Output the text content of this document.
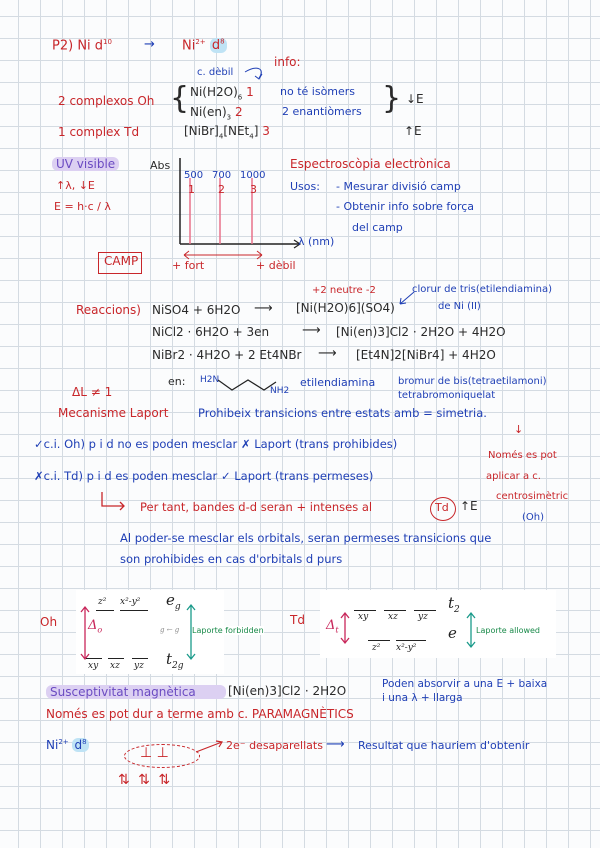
P2) Ni $d^{10} \to Ni^{2+}$ $d^8$
info:
c. dèbil
2 complexos Oh { $Ni(H2O)_6$ 1 no té isòmers
$Ni(en)_3$ 2	2 enantiòmers } ↓E
1 complex Td	$[NiBr]_4[NEt_4]$ 3	↑E
UV visible
↑λ, ↓E
E = h·c / λ
CAMP
Abs
500 700 1000
1 2 3
λ (nm)
+ fort	+ dèbil
Espectroscòpia electrònica
Usos: - Mesurar divisió camp
- Obtenir info sobre força
del camp
+2 neutre -2	clorur de tris(etilendiamina)
de Ni (II)
Reaccions) NiSO4 + 6H2O ⟶ [Ni(H2O)6](SO4)
NiCl2 · 6H2O + 3en	⟶ [Ni(en)3]Cl2 · 2H2O + 4H2O
NiBr2 · 4H2O + 2 Et4NBr ⟶ [Et4N]2[NiBr4] + 4H2O
en: H2N
NH2
etilendiamina bromur de bis(tetraetilamoni)
tetrabromoniquelat
ΔL ≠ 1
Mecanisme Laport	Prohibeix transicions entre estats amb = simetria.
↓
✓c.i. Oh) p i d no es poden mesclar ✗ Laport (trans prohibides)
Només es pot
✗c.i. Td) p i d es poden mesclar ✓ Laport (trans permeses)	aplicar a c.
centrosimètric
(Oh)
Per tant, bandes d-d seran + intenses al	Td ↑E
Al poder-se mesclar els orbitals, seran permeses transicions que
son prohibides en cas d'orbitals d purs
Oh
z² x²-y² $e_g$
$\Delta_o$	g ← g Laporte forbidden
xy xz yz $t_{2g}$
Td	xy xz yz
$t_2$
$\Delta_t$	Laporte allowed
z² x²-y²
e
Susceptivitat magnètica	[Ni(en)3]Cl2 · 2H2O	Poden absorvir a una E + baixa
i una λ + llarga
Només es pot dur a terme amb c. PARAMAGNÈTICS
$Ni^{2+}$ $d^8$
⊥ ⊥	2e⁻ desaparellats ⟶ Resultat que hauriem d'obtenir
⇅ ⇅ ⇅
